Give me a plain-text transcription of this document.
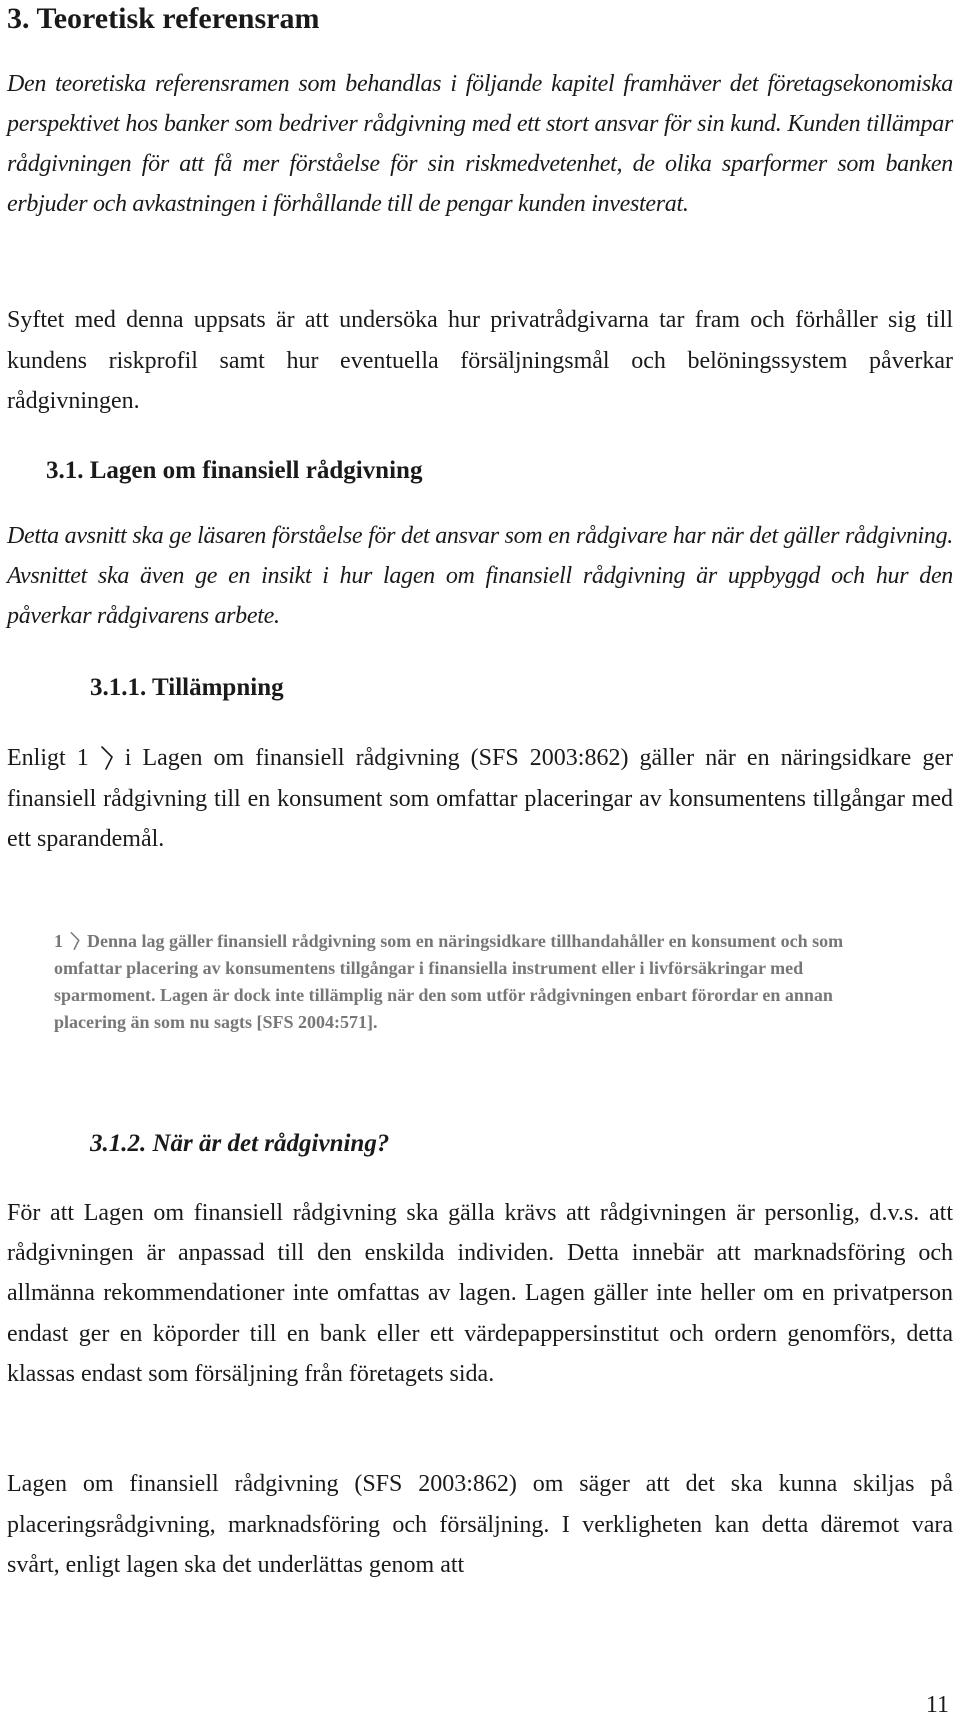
3. Teoretisk referensram

Den teoretiska referensramen som behandlas i följande kapitel framhäver det företagsekonomiska perspektivet hos banker som bedriver rådgivning med ett stort ansvar för sin kund. Kunden tillämpar rådgivningen för att få mer förståelse för sin riskmedvetenhet, de olika sparformer som banken erbjuder och avkastningen i förhållande till de pengar kunden investerat.

Syftet med denna uppsats är att undersöka hur privatrådgivarna tar fram och förhåller sig till kundens riskprofil samt hur eventuella försäljningsmål och belöningssystem påverkar rådgivningen.

3.1. Lagen om finansiell rådgivning

Detta avsnitt ska ge läsaren förståelse för det ansvar som en rådgivare har när det gäller rådgivning. Avsnittet ska även ge en insikt i hur lagen om finansiell rådgivning är uppbyggd och hur den påverkar rådgivarens arbete.

3.1.1. Tillämpning

Enligt 1 i Lagen om finansiell rådgivning (SFS 2003:862) gäller när en näringsidkare ger finansiell rådgivning till en konsument som omfattar placeringar av konsumentens tillgångar med ett sparandemål.

1 Denna lag gäller finansiell rådgivning som en näringsidkare tillhandahåller en konsument och som omfattar placering av konsumentens tillgångar i finansiella instrument eller i livförsäkringar med sparmoment. Lagen är dock inte tillämplig när den som utför rådgivningen enbart förordar en annan placering än som nu sagts [SFS 2004:571].

3.1.2. När är det rådgivning?

För att Lagen om finansiell rådgivning ska gälla krävs att rådgivningen är personlig, d.v.s. att rådgivningen är anpassad till den enskilda individen. Detta innebär att marknadsföring och allmänna rekommendationer inte omfattas av lagen. Lagen gäller inte heller om en privatperson endast ger en köporder till en bank eller ett värdepappersinstitut och ordern genomförs, detta klassas endast som försäljning från företagets sida.

Lagen om finansiell rådgivning (SFS 2003:862) om säger att det ska kunna skiljas på placeringsrådgivning, marknadsföring och försäljning. I verkligheten kan detta däremot vara svårt, enligt lagen ska det underlättas genom att

11
